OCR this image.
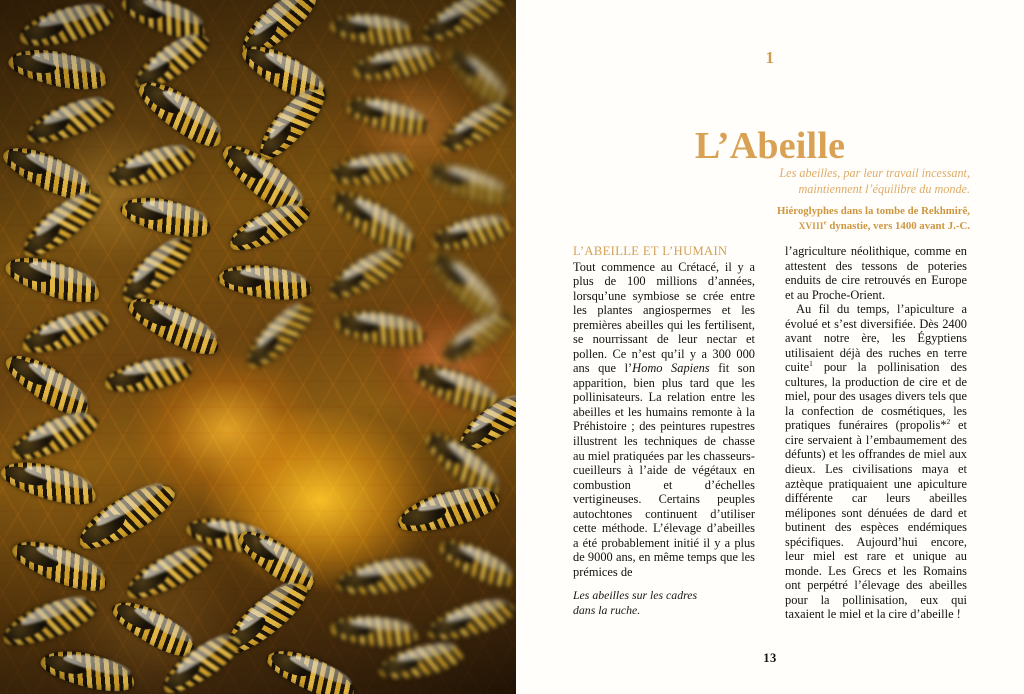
1
L’Abeille
Les abeilles, par leur travail incessant, maintiennent l’équilibre du monde.
Hiéroglyphes dans la tombe de Rekhmirê,
XVIIIe dynastie, vers 1400 avant J.-C.
L’ABEILLE ET L’HUMAIN

Tout commence au Crétacé, il y a plus de 100 millions d’années, lorsqu’une symbiose se crée entre les plantes angiospermes et les premières abeilles qui les fertilisent, se nourrissant de leur nectar et pollen. Ce n’est qu’il y a 300 000 ans que l’Homo Sapiens fit son apparition, bien plus tard que les pollinisateurs. La relation entre les abeilles et les humains remonte à la Préhistoire ; des peintures rupestres illustrent les techniques de chasse au miel pratiquées par les chasseurs-cueilleurs à l’aide de végétaux en combustion et d’échelles vertigineuses. Certains peuples autochtones continuent d’utiliser cette méthode. L’élevage d’abeilles a été probablement initié il y a plus de 9000 ans, en même temps que les prémices de

l’agriculture néolithique, comme en attestent des tessons de poteries enduits de cire retrouvés en Europe et au Proche-Orient.

Au fil du temps, l’apiculture a évolué et s’est diversifiée. Dès 2400 avant notre ère, les Égyptiens utilisaient déjà des ruches en terre cuite$^1$ pour la pollinisation des cultures, la production de cire et de miel, pour des usages divers tels que la confection de cosmétiques, les pratiques funéraires (propolis*$^2$ et cire servaient à l’embaumement des défunts) et les offrandes de miel aux dieux. Les civilisations maya et aztèque pratiquaient une apiculture différente car leurs abeilles mélipones sont dénuées de dard et butinent des espèces endémiques spécifiques. Aujourd’hui encore, leur miel est rare et unique au monde. Les Grecs et les Romains ont perpétré l’élevage des abeilles pour la pollinisation, eux qui taxaient le miel et la cire d’abeille !

Les abeilles sur les cadres
dans la ruche.
13
